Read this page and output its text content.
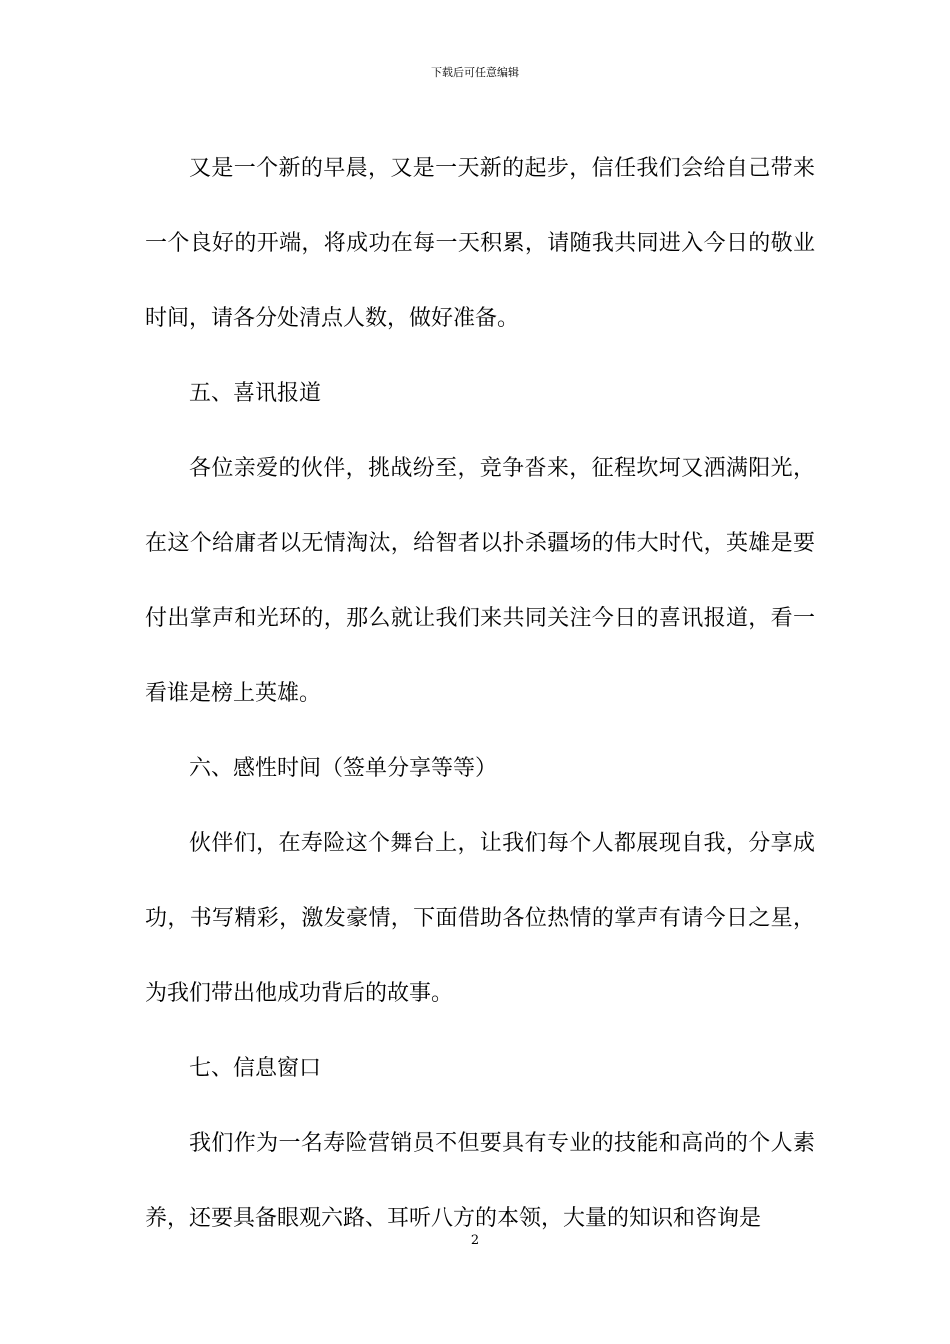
下载后可任意编辑

又是一个新的早晨，又是一天新的起步，信任我们会给自己带来一个良好的开端，将成功在每一天积累，请随我共同进入今日的敬业时间，请各分处清点人数，做好准备。

五、喜讯报道

各位亲爱的伙伴，挑战纷至，竞争沓来，征程坎坷又洒满阳光，在这个给庸者以无情淘汰，给智者以扑杀疆场的伟大时代，英雄是要付出掌声和光环的，那么就让我们来共同关注今日的喜讯报道，看一看谁是榜上英雄。

六、感性时间（签单分享等等）

伙伴们，在寿险这个舞台上，让我们每个人都展现自我，分享成功，书写精彩，激发豪情，下面借助各位热情的掌声有请今日之星，为我们带出他成功背后的故事。

七、信息窗口

我们作为一名寿险营销员不但要具有专业的技能和高尚的个人素养，还要具备眼观六路、耳听八方的本领，大量的知识和咨询是

2
